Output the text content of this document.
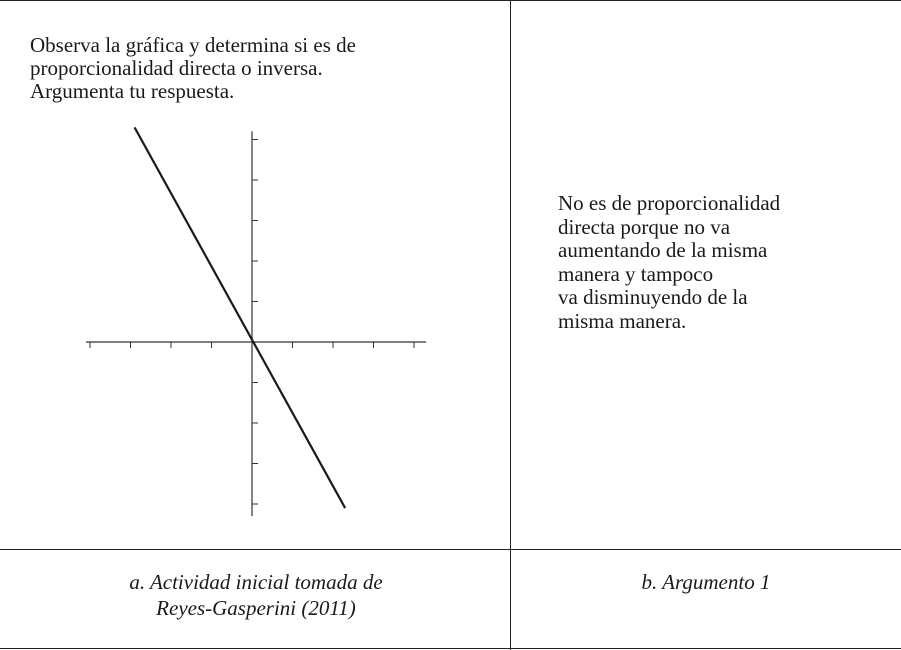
Observa la gráfica y determina si es de
proporcionalidad directa o inversa.
Argumenta tu respuesta.
No es de proporcionalidad
directa porque no va
aumentando de la misma
manera y tampoco
va disminuyendo de la
misma manera.
a. Actividad inicial tomada de
Reyes-Gasperini (2011)
b. Argumento 1
